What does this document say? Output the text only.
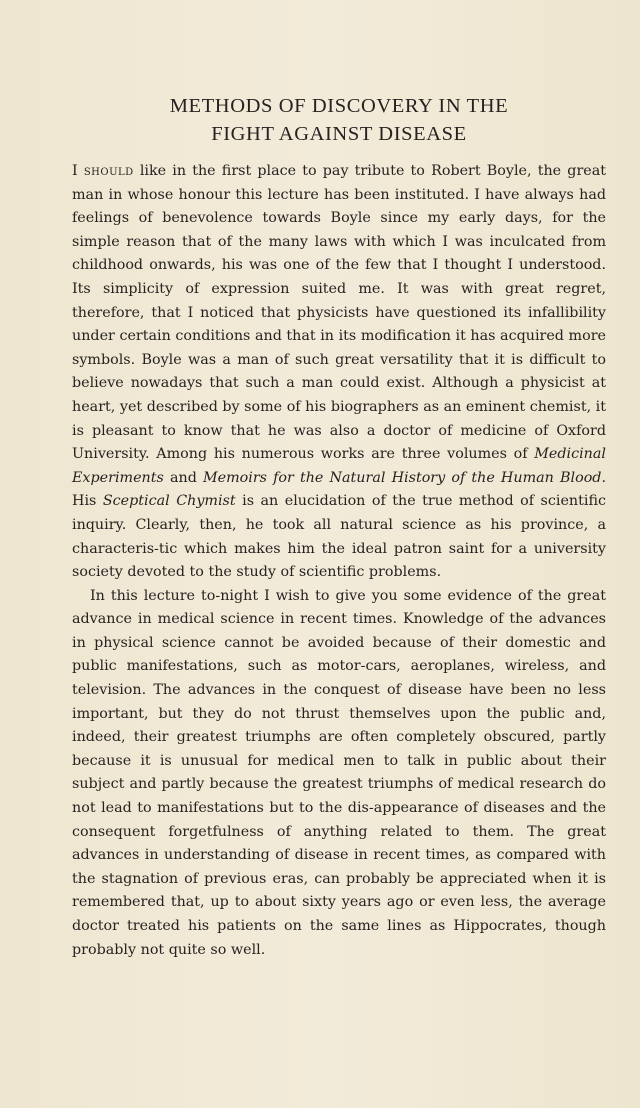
METHODS OF DISCOVERY IN THE
FIGHT AGAINST DISEASE

I should like in the first place to pay tribute to Robert Boyle, the great man in whose honour this lecture has been instituted. I have always had feelings of benevolence towards Boyle since my early days, for the simple reason that of the many laws with which I was inculcated from childhood onwards, his was one of the few that I thought I understood. Its simplicity of expression suited me. It was with great regret, therefore, that I noticed that physicists have questioned its infallibility under certain conditions and that in its modification it has acquired more symbols. Boyle was a man of such great versatility that it is difficult to believe nowadays that such a man could exist. Although a physicist at heart, yet described by some of his biographers as an eminent chemist, it is pleasant to know that he was also a doctor of medicine of Oxford University. Among his numerous works are three volumes of Medicinal Experiments and Memoirs for the Natural History of the Human Blood. His Sceptical Chymist is an elucidation of the true method of scientific inquiry. Clearly, then, he took all natural science as his province, a characteris-tic which makes him the ideal patron saint for a university society devoted to the study of scientific problems.

In this lecture to-night I wish to give you some evidence of the great advance in medical science in recent times. Knowledge of the advances in physical science cannot be avoided because of their domestic and public manifestations, such as motor-cars, aeroplanes, wireless, and television. The advances in the conquest of disease have been no less important, but they do not thrust themselves upon the public and, indeed, their greatest triumphs are often completely obscured, partly because it is unusual for medical men to talk in public about their subject and partly because the greatest triumphs of medical research do not lead to manifestations but to the dis-appearance of diseases and the consequent forgetfulness of anything related to them. The great advances in understanding of disease in recent times, as compared with the stagnation of previous eras, can probably be appreciated when it is remembered that, up to about sixty years ago or even less, the average doctor treated his patients on the same lines as Hippocrates, though probably not quite so well.
